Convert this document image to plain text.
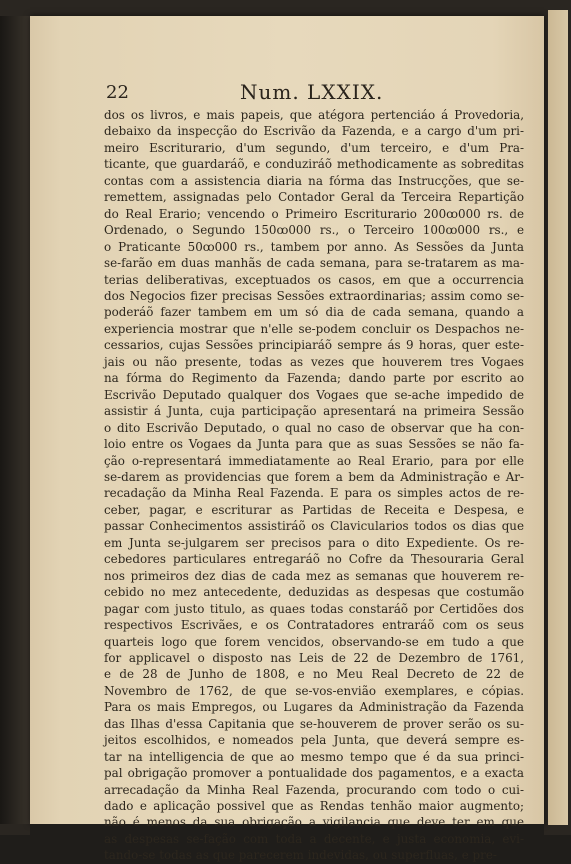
22	Num. LXXIX.
dos os livros, e mais papeis, que atégora pertenciáo á Provedoria,
debaixo da inspecção do Escrivão da Fazenda, e a cargo d'um pri-
meiro Escriturario, d'um segundo, d'um terceiro, e d'um Pra-
ticante, que guardaráõ, e conduziráõ methodicamente as sobreditas
contas com a assistencia diaria na fórma das Instrucções, que se-
remettem, assignadas pelo Contador Geral da Terceira Repartição
do Real Erario; vencendo o Primeiro Escriturario 200ꝏ000 rs. de
Ordenado, o Segundo 150ꝏ000 rs., o Terceiro 100ꝏ000 rs., e
o Praticante 50ꝏ000 rs., tambem por anno. As Sessões da Junta
se-farão em duas manhãs de cada semana, para se-tratarem as ma-
terias deliberativas, exceptuados os casos, em que a occurrencia
dos Negocios fizer precisas Sessões extraordinarias; assim como se-
poderáõ fazer tambem em um só dia de cada semana, quando a
experiencia mostrar que n'elle se-podem concluir os Despachos ne-
cessarios, cujas Sessões principiaráõ sempre ás 9 horas, quer este-
jais ou não presente, todas as vezes que houverem tres Vogaes
na fórma do Regimento da Fazenda; dando parte por escrito ao
Escrivão Deputado qualquer dos Vogaes que se-ache impedido de
assistir á Junta, cuja participação apresentará na primeira Sessão
o dito Escrivão Deputado, o qual no caso de observar que ha con-
loio entre os Vogaes da Junta para que as suas Sessões se não fa-
ção o-representará immediatamente ao Real Erario, para por elle
se-darem as providencias que forem a bem da Administração e Ar-
recadação da Minha Real Fazenda. E para os simples actos de re-
ceber, pagar, e escriturar as Partidas de Receita e Despesa, e
passar Conhecimentos assistiráõ os Clavicularios todos os dias que
em Junta se-julgarem ser precisos para o dito Expediente. Os re-
cebedores particulares entregaráõ no Cofre da Thesouraria Geral
nos primeiros dez dias de cada mez as semanas que houverem re-
cebido no mez antecedente, deduzidas as despesas que costumão
pagar com justo titulo, as quaes todas constaráõ por Certidões dos
respectivos Escrivães, e os Contratadores entraráõ com os seus
quarteis logo que forem vencidos, observando-se em tudo a que
for applicavel o disposto nas Leis de 22 de Dezembro de 1761,
e de 28 de Junho de 1808, e no Meu Real Decreto de 22 de
Novembro de 1762, de que se-vos-envião exemplares, e cópias.
Para os mais Empregos, ou Lugares da Administração da Fazenda
das Ilhas d'essa Capitania que se-houverem de prover serão os su-
jeitos escolhidos, e nomeados pela Junta, que deverá sempre es-
tar na intelligencia de que ao mesmo tempo que é da sua princi-
pal obrigação promover a pontualidade dos pagamentos, e a exacta
arrecadação da Minha Real Fazenda, procurando com todo o cui-
dado e aplicação possivel que as Rendas tenhão maior augmento;
não é menos da sua obrigação a vigilancia que deve ter em que
as despesas se-fação com toda a decente, e justa economia, evi-
tando-se todas as que parecerem indevidas, ou superfluas, e pre-
